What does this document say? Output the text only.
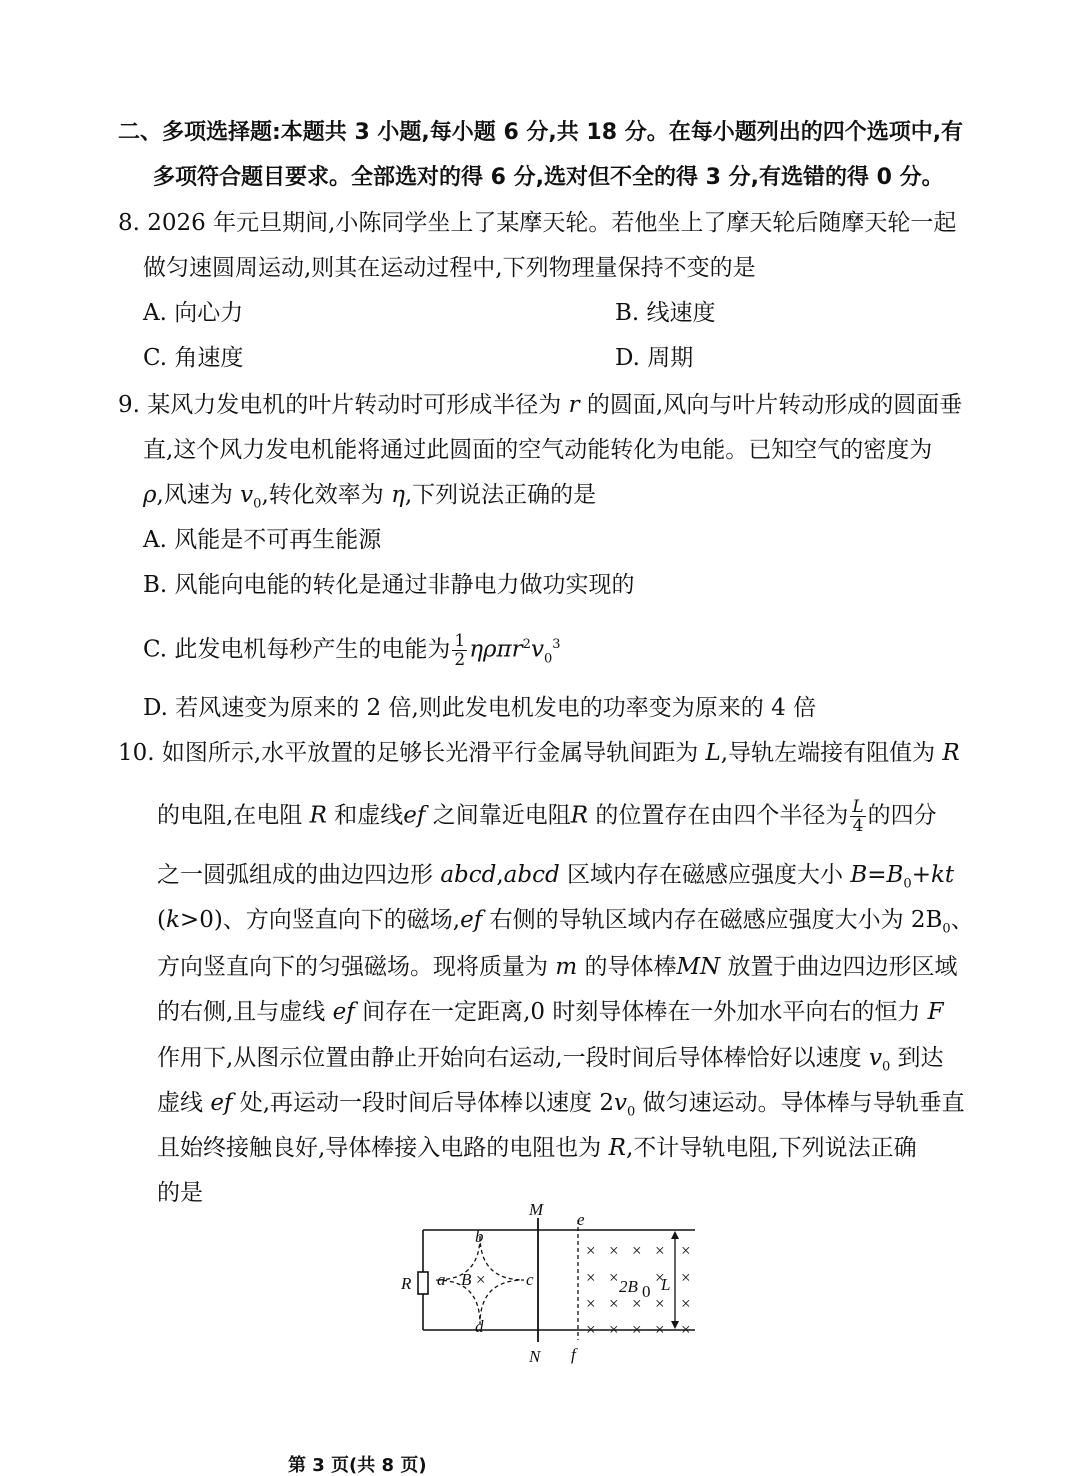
二、多项选择题:本题共 3 小题,每小题 6 分,共 18 分。在每小题列出的四个选项中,有
多项符合题目要求。全部选对的得 6 分,选对但不全的得 3 分,有选错的得 0 分。
8. 2026 年元旦期间,小陈同学坐上了某摩天轮。若他坐上了摩天轮后随摩天轮一起
做匀速圆周运动,则其在运动过程中,下列物理量保持不变的是
A. 向心力	B. 线速度
C. 角速度	D. 周期
9. 某风力发电机的叶片转动时可形成半径为 r 的圆面,风向与叶片转动形成的圆面垂
直,这个风力发电机能将通过此圆面的空气动能转化为电能。已知空气的密度为
ρ,风速为 $v_0$,转化效率为 η,下列说法正确的是
A. 风能是不可再生能源
B. 风能向电能的转化是通过非静电力做功实现的
C. 此发电机每秒产生的电能为 $\frac{1}{2} \eta\rho\pi r^2v_0^3$
D. 若风速变为原来的 2 倍,则此发电机发电的功率变为原来的 4 倍
10. 如图所示,水平放置的足够长光滑平行金属导轨间距为 L,导轨左端接有阻值为 R
的电阻,在电阻 R 和虚线ef 之间靠近电阻R 的位置存在由四个半径为 $\frac{L}{4}$ 的四分
之一圆弧组成的曲边四边形 abcd,abcd 区域内存在磁感应强度大小 $B=B_0+kt$
(k>0)、方向竖直向下的磁场,ef 右侧的导轨区域内存在磁感应强度大小为 $2B_0$、
方向竖直向下的匀强磁场。现将质量为 m 的导体棒MN 放置于曲边四边形区域
的右侧,且与虚线 ef 间存在一定距离,0 时刻导体棒在一外加水平向右的恒力 F
作用下,从图示位置由静止开始向右运动,一段时间后导体棒恰好以速度 $v_0$ 到达
虚线 ef 处,再运动一段时间后导体棒以速度 $2v_0$ 做匀速运动。导体棒与导轨垂直
且始终接触良好,导体棒接入电路的电阻也为 R,不计导轨电阻,下列说法正确
的是
R
b
a	c
d
B ×
M
N
e
f
× × × × ×
× × × ×
× × × × ×
× × × × ×
2B 0 L
第 3 页(共 8 页)
